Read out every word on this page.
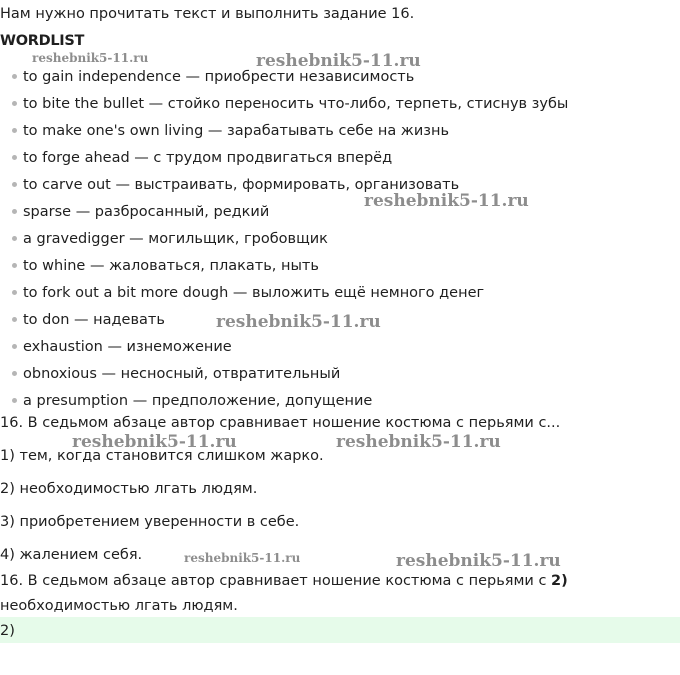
Нам нужно прочитать текст и выполнить задание 16.
WORDLIST
to gain independence — приобрести независимость
to bite the bullet — стойко переносить что-либо, терпеть, стиснув зубы
to make one's own living — зарабатывать себе на жизнь
to forge ahead — с трудом продвигаться вперёд
to carve out — выстраивать, формировать, организовать
sparse — разбросанный, редкий
a gravedigger — могильщик, гробовщик
to whine — жаловаться, плакать, ныть
to fork out a bit more dough — выложить ещё немного денег
to don — надевать
exhaustion — изнеможение
obnoxious — несносный, отвратительный
a presumption — предположение, допущение
16. В седьмом абзаце автор сравнивает ношение костюма с перьями с...
1) тем, когда становится слишком жарко.
2) необходимостью лгать людям.
3) приобретением уверенности в себе.
4) жалением себя.
16. В седьмом абзаце автор сравнивает ношение костюма с перьями с 2)
необходимостью лгать людям.
2)
reshebnik5-11.ru	reshebnik5-11.ru
reshebnik5-11.ru
reshebnik5-11.ru
reshebnik5-11.ru	reshebnik5-11.ru
reshebnik5-11.ru	reshebnik5-11.ru
